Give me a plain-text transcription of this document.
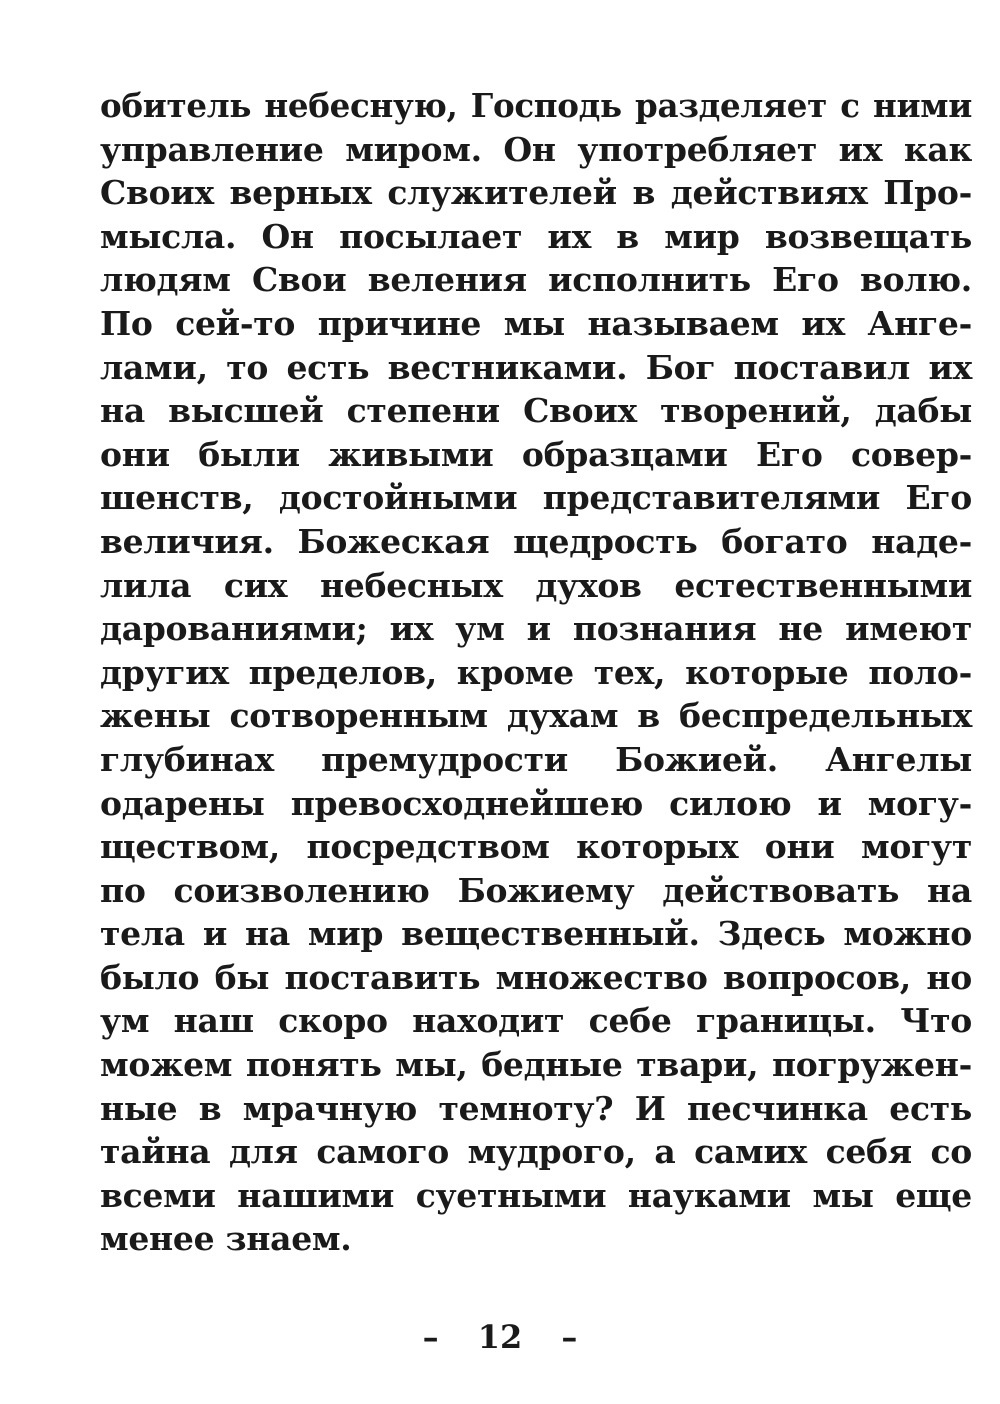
обитель небесную, Господь разделяет с ними
управление миром. Он употребляет их как
Своих верных служителей в действиях Про-
мысла. Он посылает их в мир возвещать
людям Свои веления исполнить Его волю.
По сей-то причине мы называем их Анге-
лами, то есть вестниками. Бог поставил их
на высшей степени Своих творений, дабы
они были живыми образцами Его совер-
шенств, достойными представителями Его
величия. Божеская щедрость богато наде-
лила сих небесных духов естественными
дарованиями; их ум и познания не имеют
других пределов, кроме тех, которые поло-
жены сотворенным духам в беспредельных
глубинах премудрости Божией. Ангелы
одарены превосходнейшею силою и могу-
ществом, посредством которых они могут
по соизволению Божиему действовать на
тела и на мир вещественный. Здесь можно
было бы поставить множество вопросов, но
ум наш скоро находит себе границы. Что
можем понять мы, бедные твари, погружен-
ные в мрачную темноту? И песчинка есть
тайна для самого мудрого, а самих себя со
всеми нашими суетными науками мы еще
менее знаем.
– 12 –
